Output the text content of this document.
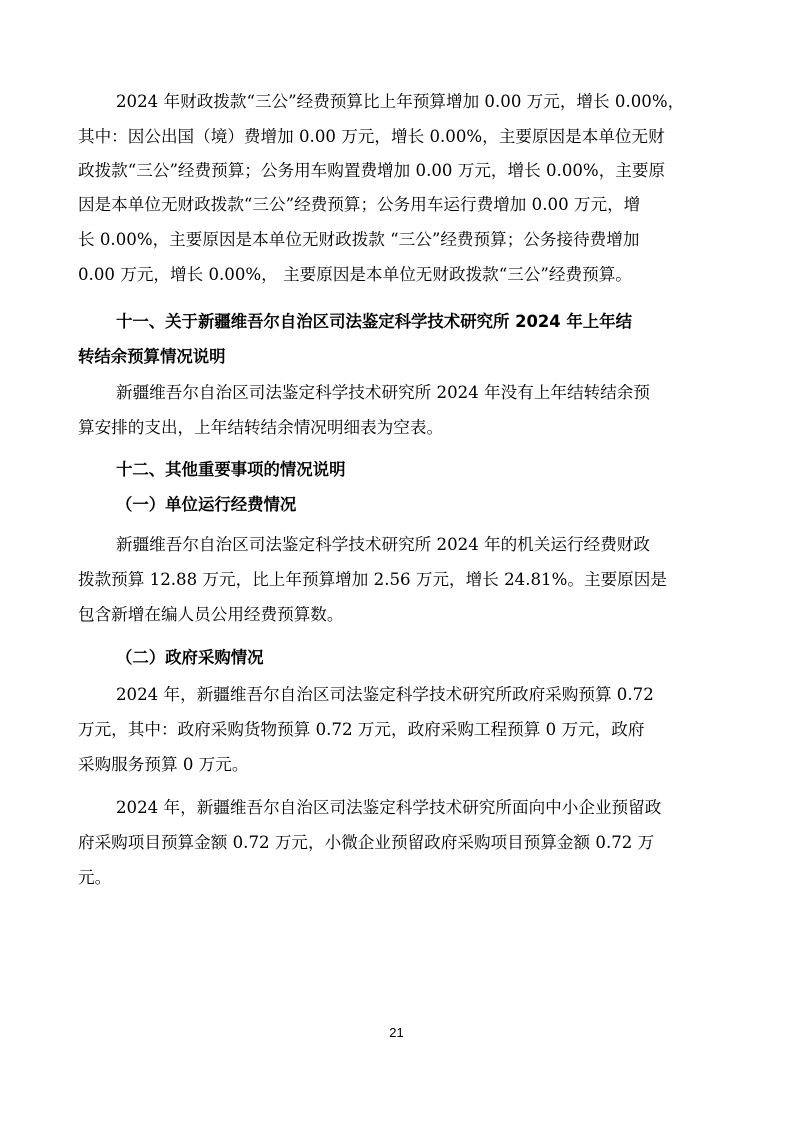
2024 年财政拨款“三公”经费预算比上年预算增加 0.00 万元，增长 0.00%，
其中：因公出国（境）费增加 0.00 万元，增长 0.00%，主要原因是本单位无财
政拨款“三公”经费预算；公务用车购置费增加 0.00 万元，增长 0.00%，主要原
因是本单位无财政拨款“三公”经费预算；公务用车运行费增加 0.00 万元，增
长 0.00%，主要原因是本单位无财政拨款 “三公”经费预算；公务接待费增加
0.00 万元，增长 0.00%， 主要原因是本单位无财政拨款“三公”经费预算。
十一、关于新疆维吾尔自治区司法鉴定科学技术研究所 2024 年上年结
转结余预算情况说明
新疆维吾尔自治区司法鉴定科学技术研究所 2024 年没有上年结转结余预
算安排的支出，上年结转结余情况明细表为空表。
十二、其他重要事项的情况说明
（一）单位运行经费情况
新疆维吾尔自治区司法鉴定科学技术研究所 2024 年的机关运行经费财政
拨款预算 12.88 万元，比上年预算增加 2.56 万元，增长 24.81%。主要原因是
包含新增在编人员公用经费预算数。
（二）政府采购情况
2024 年，新疆维吾尔自治区司法鉴定科学技术研究所政府采购预算 0.72
万元，其中：政府采购货物预算 0.72 万元，政府采购工程预算 0 万元，政府
采购服务预算 0 万元。
2024 年，新疆维吾尔自治区司法鉴定科学技术研究所面向中小企业预留政
府采购项目预算金额 0.72 万元，小微企业预留政府采购项目预算金额 0.72 万
元。
21
